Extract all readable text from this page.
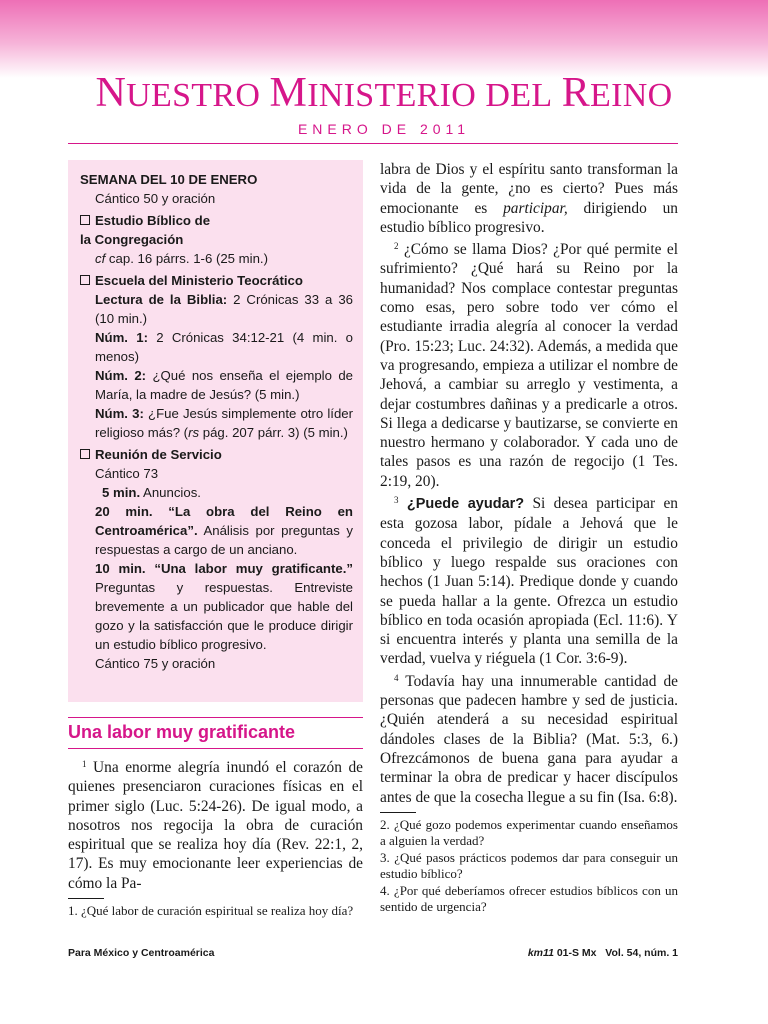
NUESTRO MINISTERIO DEL REINO
ENERO DE 2011
SEMANA DEL 10 DE ENERO
Cántico 50 y oración
Estudio Bíblico de
la Congregación
cf cap. 16 párrs. 1-6 (25 min.)
Escuela del Ministerio Teocrático
Lectura de la Biblia: 2 Crónicas 33 a 36 (10 min.)
Núm. 1: 2 Crónicas 34:12-21 (4 min. o menos)
Núm. 2: ¿Qué nos enseña el ejemplo de María, la madre de Jesús? (5 min.)
Núm. 3: ¿Fue Jesús simplemente otro líder religioso más? (rs pág. 207 párr. 3) (5 min.)
Reunión de Servicio
Cántico 73
5 min. Anuncios.
20 min. “La obra del Reino en Centroamérica”. Análisis por preguntas y respuestas a cargo de un anciano.
10 min. “Una labor muy gratificante.” Preguntas y respuestas. Entreviste brevemente a un publicador que hable del gozo y la satisfacción que le produce dirigir un estudio bíblico progresivo.
Cántico 75 y oración
Una labor muy gratificante

$^1$ Una enorme alegría inundó el corazón de quienes presenciaron curaciones físicas en el primer siglo (Luc. 5:24-26). De igual modo, a nosotros nos regocija la obra de curación espiritual que se realiza hoy día (Rev. 22:1, 2, 17). Es muy emocionante leer experiencias de cómo la Pa-

1. ¿Qué labor de curación espiritual se realiza hoy día?

labra de Dios y el espíritu santo transforman la vida de la gente, ¿no es cierto? Pues más emocionante es participar, dirigiendo un estudio bíblico progresivo.

$^2$ ¿Cómo se llama Dios? ¿Por qué permite el sufrimiento? ¿Qué hará su Reino por la humanidad? Nos complace contestar preguntas como esas, pero sobre todo ver cómo el estudiante irradia alegría al conocer la verdad (Pro. 15:23; Luc. 24:32). Además, a medida que va progresando, empieza a utilizar el nombre de Jehová, a cambiar su arreglo y vestimenta, a dejar costumbres dañinas y a predicarle a otros. Si llega a dedicarse y bautizarse, se convierte en nuestro hermano y colaborador. Y cada uno de tales pasos es una razón de regocijo (1 Tes. 2:19, 20).

$^3$ ¿Puede ayudar? Si desea participar en esta gozosa labor, pídale a Jehová que le conceda el privilegio de dirigir un estudio bíblico y luego respalde sus oraciones con hechos (1 Juan 5:14). Predique donde y cuando se pueda hallar a la gente. Ofrezca un estudio bíblico en toda ocasión apropiada (Ecl. 11:6). Y si encuentra interés y planta una semilla de la verdad, vuelva y riéguela (1 Cor. 3:6-9).

$^4$ Todavía hay una innumerable cantidad de personas que padecen hambre y sed de justicia. ¿Quién atenderá a su necesidad espiritual dándoles clases de la Biblia? (Mat. 5:3, 6.) Ofrezcámonos de buena gana para ayudar a terminar la obra de predicar y hacer discípulos antes de que la cosecha llegue a su fin (Isa. 6:8).

2. ¿Qué gozo podemos experimentar cuando enseñamos a alguien la verdad?

3. ¿Qué pasos prácticos podemos dar para conseguir un estudio bíblico?

4. ¿Por qué deberíamos ofrecer estudios bíblicos con un sentido de urgencia?

Para México y Centroamérica	km11 01-S Mx   Vol. 54, núm. 1
